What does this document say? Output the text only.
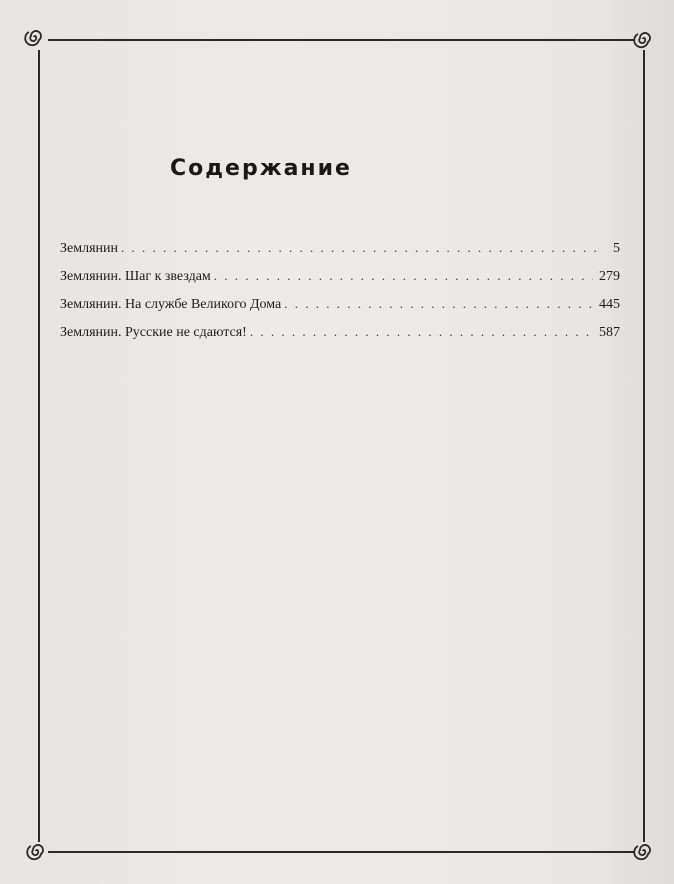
Содержание
Землянин . . .	5
Землянин. Шаг к звездам . . .	279
Землянин. На службе Великого Дома . . .	445
Землянин. Русские не сдаются! . . .	587
